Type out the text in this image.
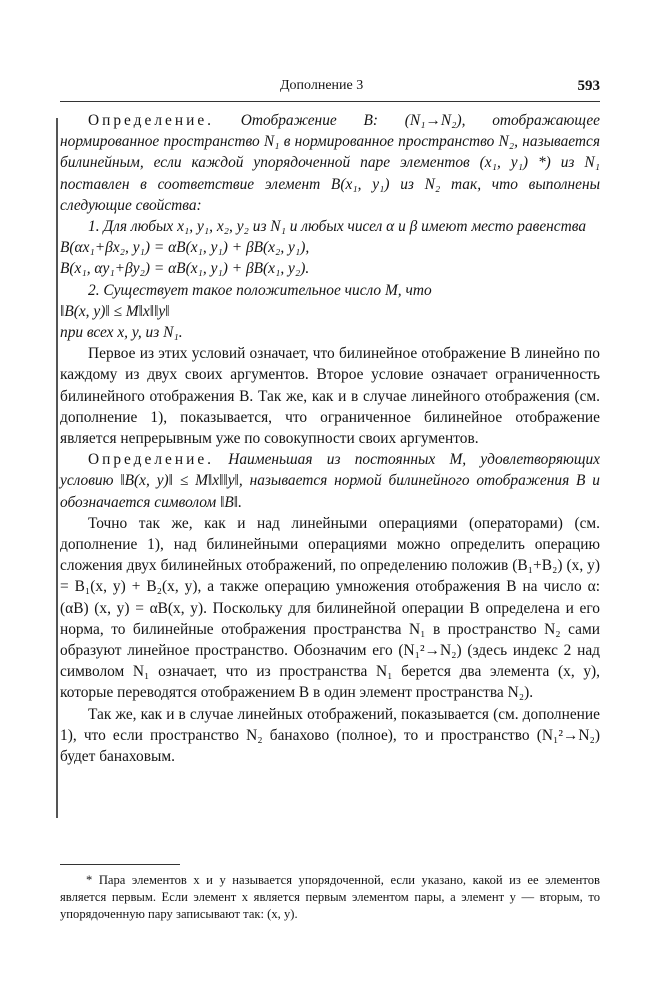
Дополнение 3	593

Определение. Отображение B: (N₁→N₂), отображающее нормированное пространство N₁ в нормированное пространство N₂, называется билинейным, если каждой упорядоченной паре элементов (x₁, y₁) *) из N₁ поставлен в соответствие элемент B(x₁, y₁) из N₂ так, что выполнены следующие свойства:

1. Для любых x₁, y₁, x₂, y₂ из N₁ и любых чисел α и β имеют место равенства

B(αx₁+βx₂, y₁) = αB(x₁, y₁) + βB(x₂, y₁),

B(x₁, αy₁+βy₂) = αB(x₁, y₁) + βB(x₁, y₂).

2. Существует такое положительное число M, что

‖B(x, y)‖ ≤ M‖x‖‖y‖

при всех x, y, из N₁.

Первое из этих условий означает, что билинейное отображение B линейно по каждому из двух своих аргументов. Второе условие означает ограниченность билинейного отображения B. Так же, как и в случае линейного отображения (см. дополнение 1), показывается, что ограниченное билинейное отображение является непрерывным уже по совокупности своих аргументов.

Определение. Наименьшая из постоянных M, удовлетворяющих условию ‖B(x, y)‖ ≤ M‖x‖‖y‖, называется нормой билинейного отображения B и обозначается символом ‖B‖.

Точно так же, как и над линейными операциями (операторами) (см. дополнение 1), над билинейными операциями можно определить операцию сложения двух билинейных отображений, по определению положив (B₁+B₂) (x, y) = B₁(x, y) + B₂(x, y), а также операцию умножения отображения B на число α: (αB) (x, y) = αB(x, y). Поскольку для билинейной операции B определена и его норма, то билинейные отображения пространства N₁ в пространство N₂ сами образуют линейное пространство. Обозначим его (N₁²→N₂) (здесь индекс 2 над символом N₁ означает, что из пространства N₁ берется два элемента (x, y), которые переводятся отображением B в один элемент пространства N₂).

Так же, как и в случае линейных отображений, показывается (см. дополнение 1), что если пространство N₂ банахово (полное), то и пространство (N₁²→N₂) будет банаховым.

* Пара элементов x и y называется упорядоченной, если указано, какой из ее элементов является первым. Если элемент x является первым элементом пары, а элемент y — вторым, то упорядоченную пару записывают так: (x, y).
